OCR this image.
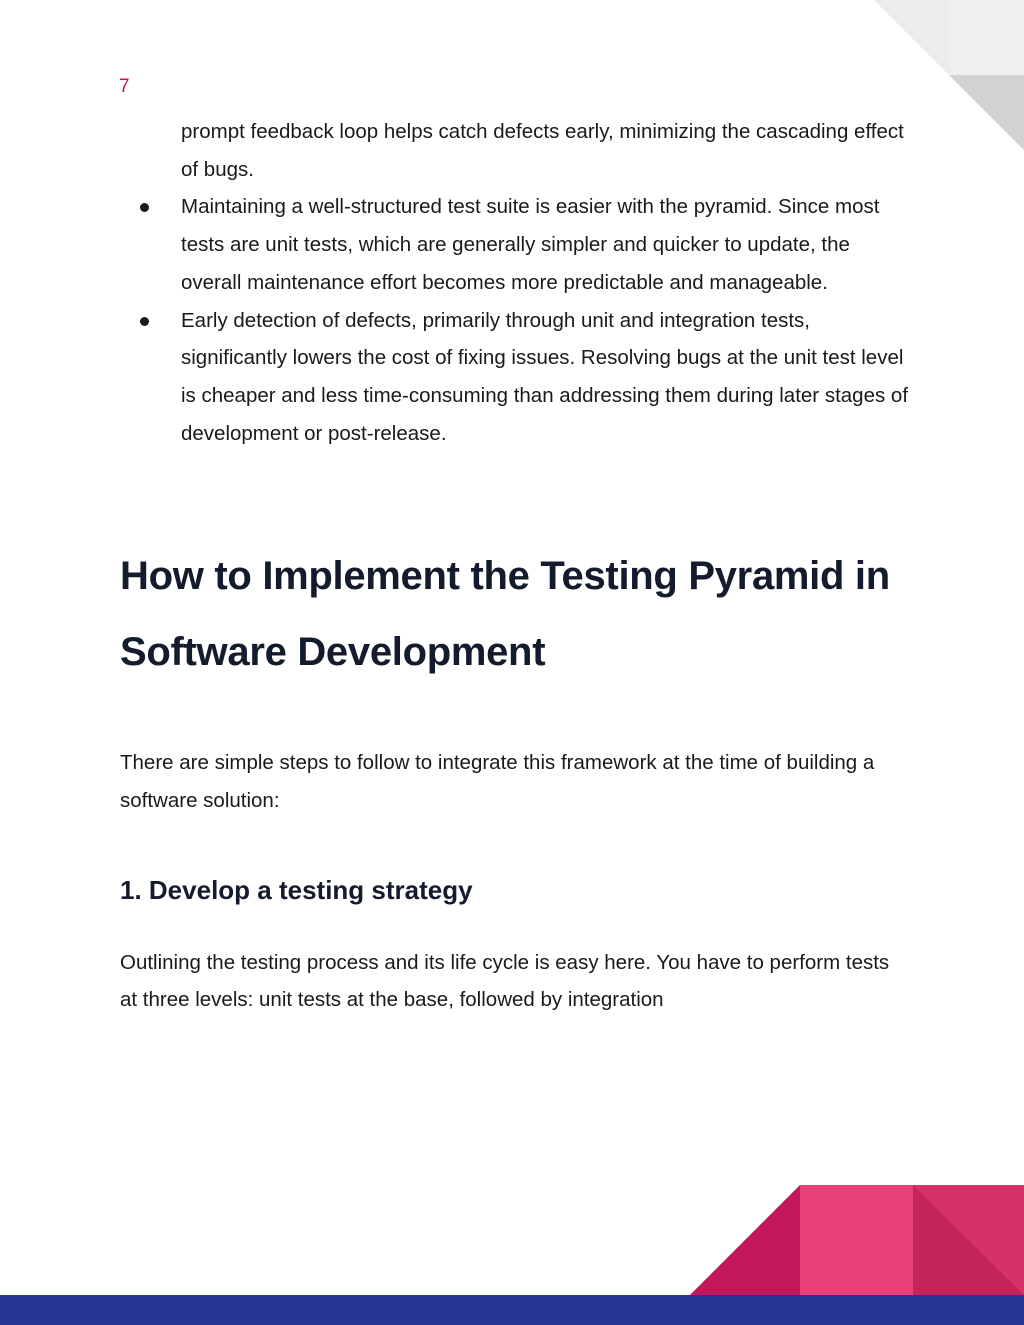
7

prompt feedback loop helps catch defects early, minimizing the cascading effect of bugs.

Maintaining a well-structured test suite is easier with the pyramid. Since most tests are unit tests, which are generally simpler and quicker to update, the overall maintenance effort becomes more predictable and manageable.
Early detection of defects, primarily through unit and integration tests, significantly lowers the cost of fixing issues. Resolving bugs at the unit test level is cheaper and less time-consuming than addressing them during later stages of development or post-release.
How to Implement the Testing Pyramid in Software Development

There are simple steps to follow to integrate this framework at the time of building a software solution:

1. Develop a testing strategy

Outlining the testing process and its life cycle is easy here. You have to perform tests at three levels: unit tests at the base, followed by integration
